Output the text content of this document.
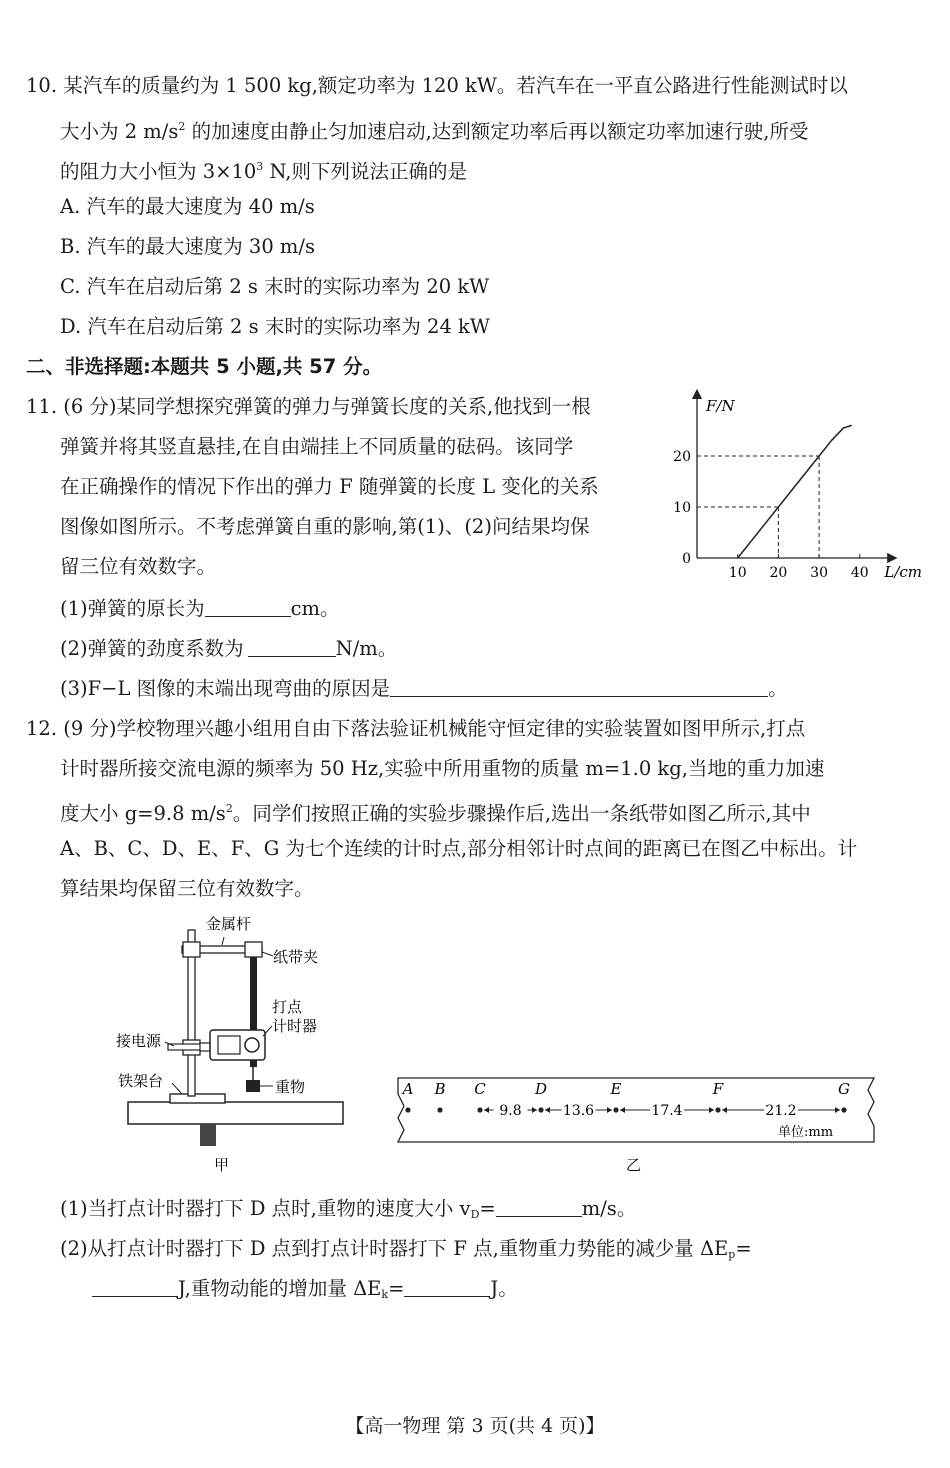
10. 某汽车的质量约为 1 500 kg,额定功率为 120 kW。若汽车在一平直公路进行性能测试时以
大小为 2 $m/s^2$ 的加速度由静止匀加速启动,达到额定功率后再以额定功率加速行驶,所受
的阻力大小恒为 $3\times 10^3$ N,则下列说法正确的是
A. 汽车的最大速度为 40 m/s
B. 汽车的最大速度为 30 m/s
C. 汽车在启动后第 2 s 末时的实际功率为 20 kW
D. 汽车在启动后第 2 s 末时的实际功率为 24 kW
二、非选择题:本题共 5 小题,共 57 分。
11. (6 分)某同学想探究弹簧的弹力与弹簧长度的关系,他找到一根
弹簧并将其竖直悬挂,在自由端挂上不同质量的砝码。该同学
在正确操作的情况下作出的弹力 F 随弹簧的长度 L 变化的关系
图像如图所示。不考虑弹簧自重的影响,第(1)、(2)问结果均保
留三位有效数字。
(1)弹簧的原长为	cm。
(2)弹簧的劲度系数为	N/m。
(3)F−L 图像的末端出现弯曲的原因是	。
10 20 30 40
0
10
20
F/N
L/cm
12. (9 分)学校物理兴趣小组用自由下落法验证机械能守恒定律的实验装置如图甲所示,打点
计时器所接交流电源的频率为 50 Hz,实验中所用重物的质量 m=1.0 kg,当地的重力加速
度大小 g=9.8 $m/s^2$。同学们按照正确的实验步骤操作后,选出一条纸带如图乙所示,其中
A、B、C、D、E、F、G 为七个连续的计时点,部分相邻计时点间的距离已在图乙中标出。计
算结果均保留三位有效数字。
金属杆
纸带夹
打点
计时器
接电源
重物
铁架台
甲
A B C	D	E	F	G
9.8	13.6	17.4	21.2
单位:mm
乙
(1)当打点计时器打下 D 点时,重物的速度大小 $v_D=$	m/s。
(2)从打点计时器打下 D 点到打点计时器打下 F 点,重物重力势能的减少量 $\Delta E_p=$
J,重物动能的增加量 $\Delta E_k=$	J。
【高一物理 第 3 页(共 4 页)】
